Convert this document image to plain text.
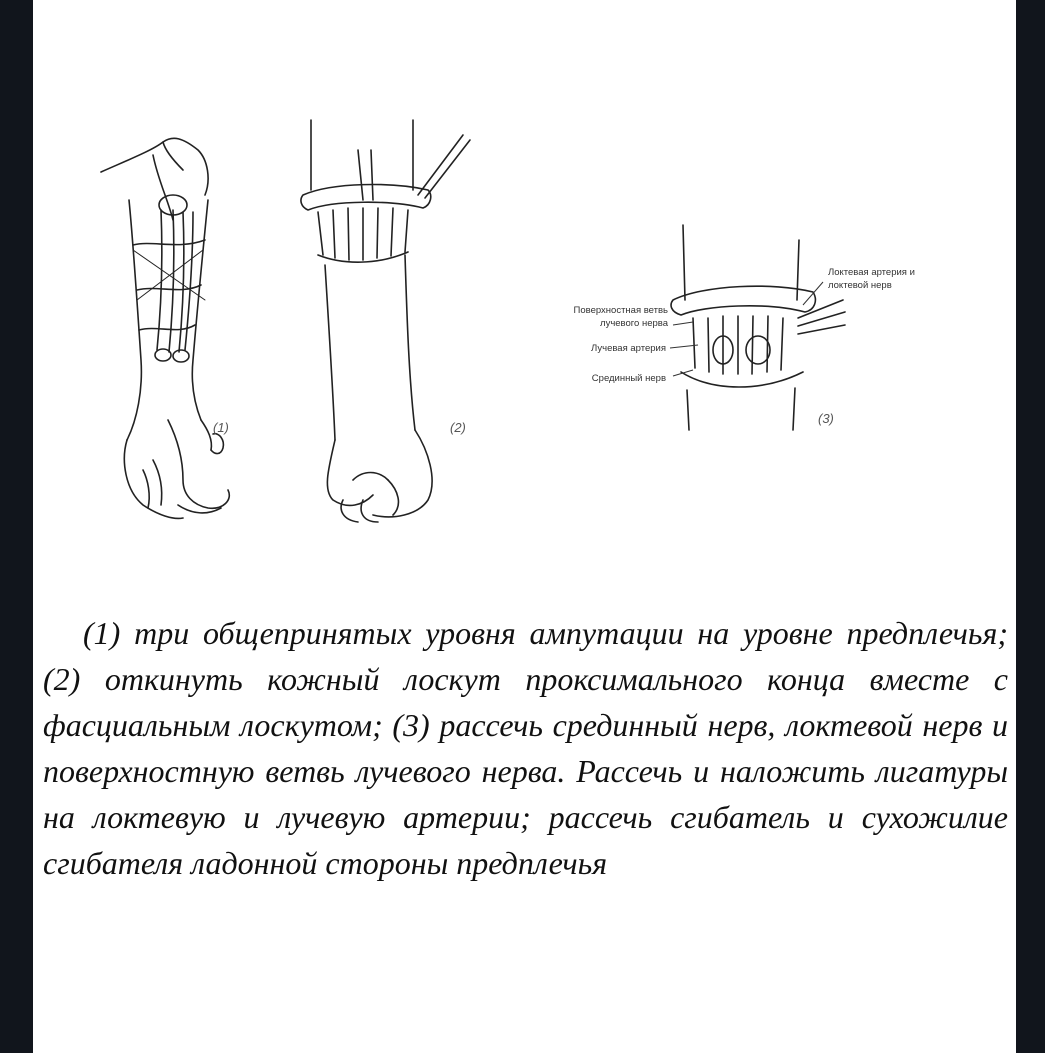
Локтевая артерия и
локтевой нерв
Поверхностная ветвь
лучевого нерва
Лучевая артерия
Срединный нерв
(1)	(2)
(3)

(1) три общепринятых уровня ампутации на уровне предплечья; (2) откинуть кожный лоскут проксимального конца вместе с фасциальным лоскутом; (3) рассечь срединный нерв, локтевой нерв и поверхностную ветвь лучевого нерва. Рассечь и наложить лигатуры на локтевую и лучевую артерии; рассечь сгибатель и сухожилие сгибателя ладонной стороны предплечья
